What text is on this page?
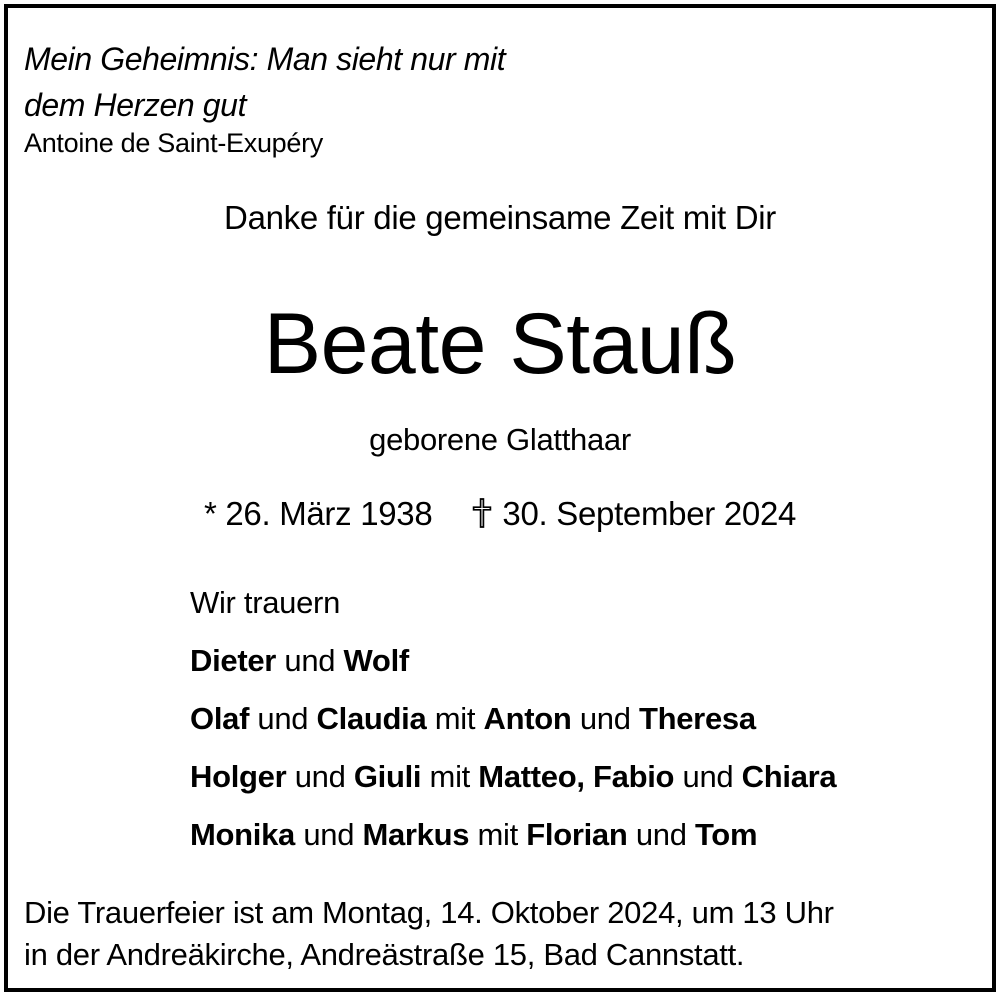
Mein Geheimnis: Man sieht nur mit
dem Herzen gut
Antoine de Saint-Exupéry
Danke für die gemeinsame Zeit mit Dir
Beate Stauß
geborene Glatthaar
* 26. März 1938 30. September 2024
Wir trauern
Dieter und Wolf
Olaf und Claudia mit Anton und Theresa
Holger und Giuli mit Matteo, Fabio und Chiara
Monika und Markus mit Florian und Tom
Die Trauerfeier ist am Montag, 14. Oktober 2024, um 13 Uhr
in der Andreäkirche, Andreästraße 15, Bad Cannstatt.
